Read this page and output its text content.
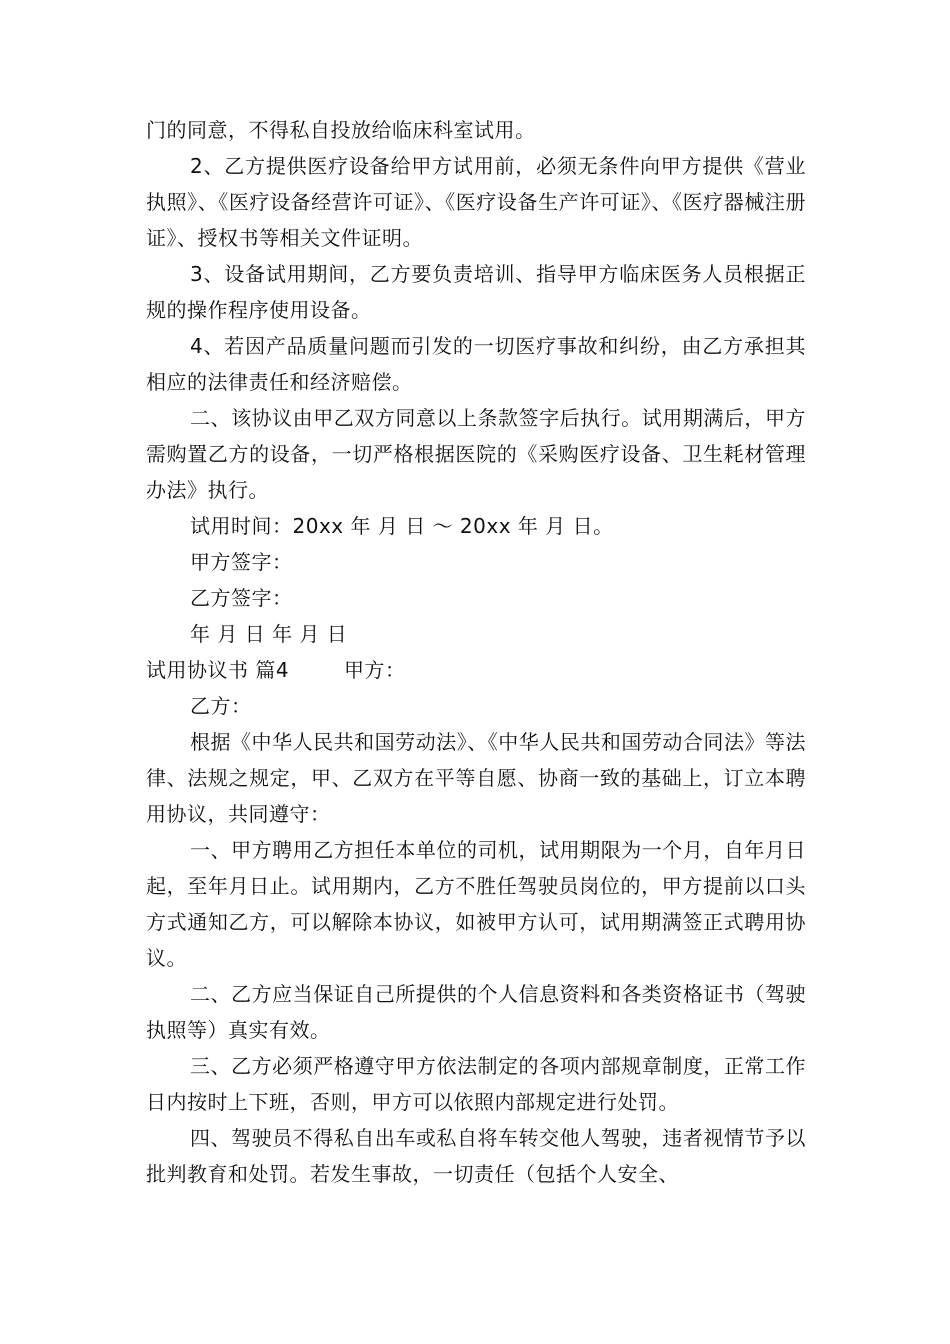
门的同意，不得私自投放给临床科室试用。

2、乙方提供医疗设备给甲方试用前，必须无条件向甲方提供《营业执照》、《医疗设备经营许可证》、《医疗设备生产许可证》、《医疗器械注册证》、授权书等相关文件证明。

3、设备试用期间，乙方要负责培训、指导甲方临床医务人员根据正规的操作程序使用设备。

4、若因产品质量问题而引发的一切医疗事故和纠纷，由乙方承担其相应的法律责任和经济赔偿。

二、该协议由甲乙双方同意以上条款签字后执行。试用期满后，甲方需购置乙方的设备，一切严格根据医院的《采购医疗设备、卫生耗材管理办法》执行。

试用时间：20xx 年 月 日 ～ 20xx 年 月 日。

甲方签字：

乙方签字：

年 月 日 年 月 日

试用协议书 篇4        甲方：

乙方：

根据《中华人民共和国劳动法》、《中华人民共和国劳动合同法》等法律、法规之规定，甲、乙双方在平等自愿、协商一致的基础上，订立本聘用协议，共同遵守：

一、甲方聘用乙方担任本单位的司机，试用期限为一个月，自年月日起，至年月日止。试用期内，乙方不胜任驾驶员岗位的，甲方提前以口头方式通知乙方，可以解除本协议，如被甲方认可，试用期满签正式聘用协议。

二、乙方应当保证自己所提供的个人信息资料和各类资格证书（驾驶执照等）真实有效。

三、乙方必须严格遵守甲方依法制定的各项内部规章制度，正常工作日内按时上下班，否则，甲方可以依照内部规定进行处罚。

四、驾驶员不得私自出车或私自将车转交他人驾驶，违者视情节予以批判教育和处罚。若发生事故，一切责任（包括个人安全、
